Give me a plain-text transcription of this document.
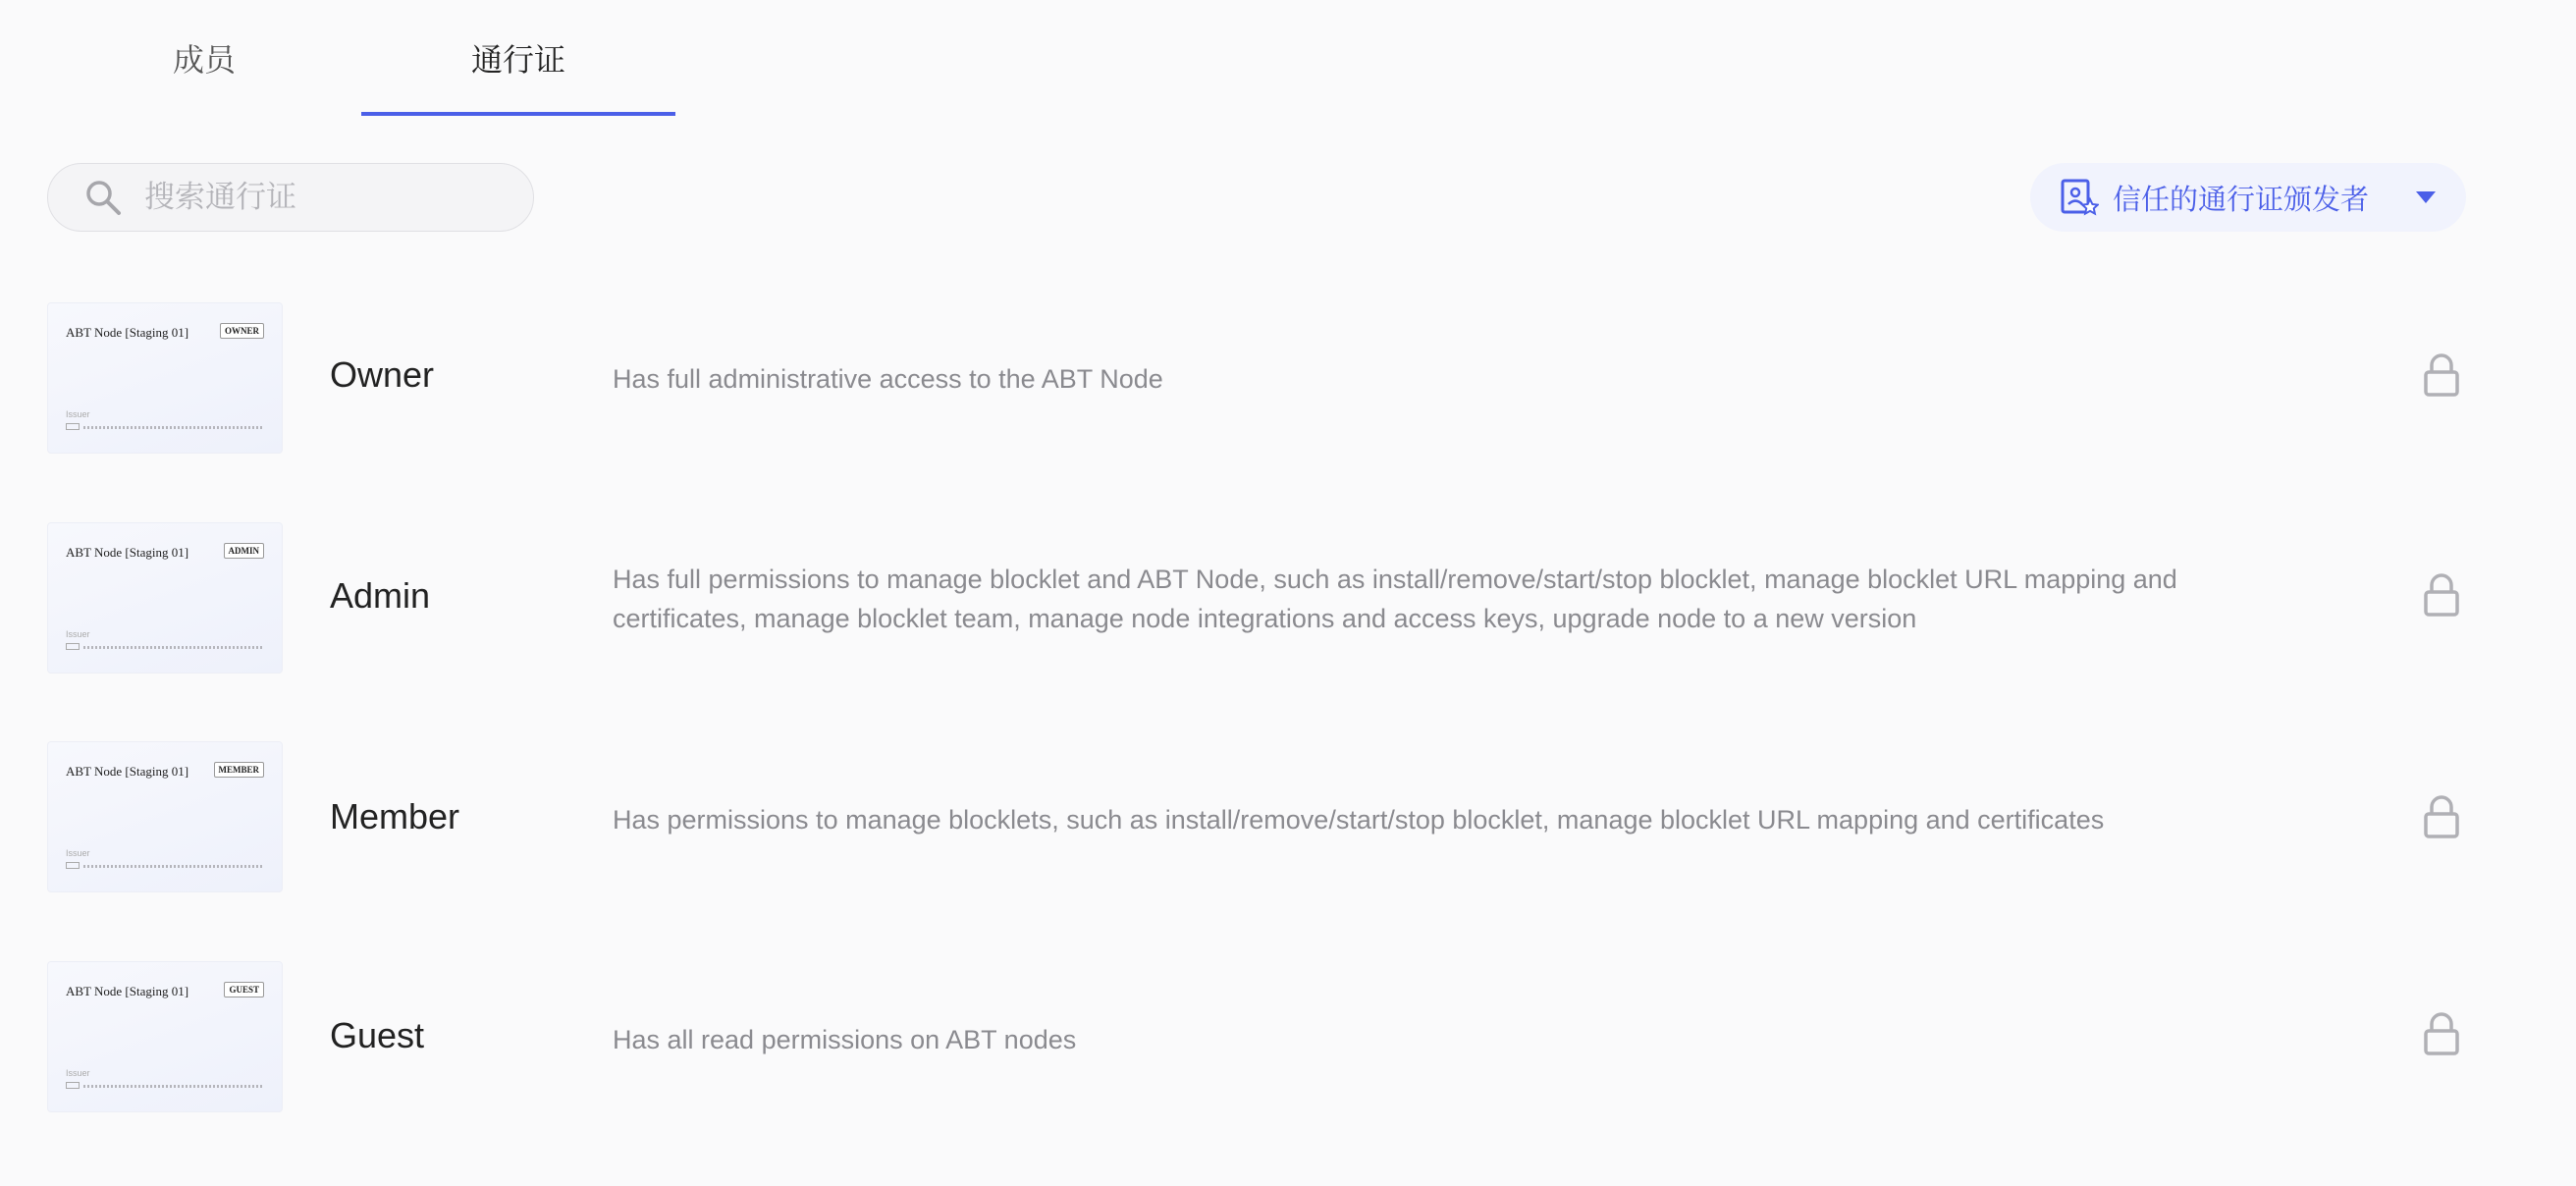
成员	通行证
搜索通行证
信任的通行证颁发者
ABT Node [Staging 01]	OWNER
Issuer
Owner	Has full administrative access to the ABT Node
ABT Node [Staging 01]	ADMIN
Issuer
Admin	Has full permissions to manage blocklet and ABT Node, such as install/remove/start/stop blocklet, manage blocklet URL mapping and certificates, manage blocklet team, manage node integrations and access keys, upgrade node to a new version
ABT Node [Staging 01]	MEMBER
Issuer
Member	Has permissions to manage blocklets, such as install/remove/start/stop blocklet, manage blocklet URL mapping and certificates
ABT Node [Staging 01]	GUEST
Issuer
Guest	Has all read permissions on ABT nodes
